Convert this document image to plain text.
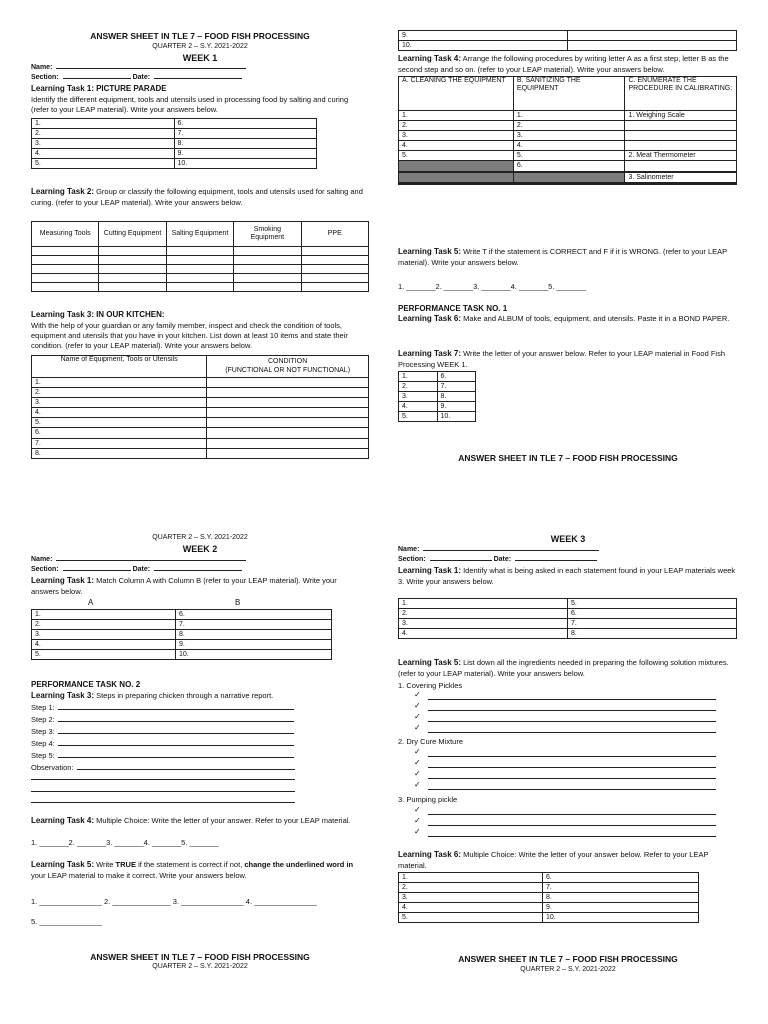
ANSWER SHEET IN TLE 7 – FOOD FISH PROCESSING
QUARTER 2 – S.Y. 2021-2022
WEEK 1
Name:
Section:	Date:
Learning Task 1: PICTURE PARADE
Identify the different equipment, tools and utensils used in processing food by salting and curing (refer to your LEAP material). Write your answers below.
1.	6.
2.	7.
3.	8.
4.	9.
5.	10.
Learning Task 2: Group or classify the following equipment, tools and utensils used for salting and curing. (refer to your LEAP material). Write your answers below.
Measuring Tools	Cutting Equipment	Salting Equipment	Smoking Equipment	PPE

Learning Task 3: IN OUR KITCHEN:
With the help of your guardian or any family member, inspect and check the condition of tools, equipment and utensils that you have in your kitchen. List down at least 10 items and state their condition. (refer to your LEAP material). Write your answers below.
Name of Equipment, Tools or Utensils	CONDITION
(FUNCTIONAL OR NOT FUNCTIONAL)
1.	
2.	
3.	
4.	
5.	
6.	
7.	
8.	
9.	
10.	
Learning Task 4: Arrange the following procedures by writing letter A as a first step, letter B as the second step and so on. (refer to your LEAP material). Write your answers below.
A. CLEANING THE EQUIPMENT	B. SANITIZING THE EQUIPMENT	C. ENUMERATE THE PROCEDURE IN CALIBRATING:
1.	1.	1. Weighing Scale
2.	2.	
3.	3.	
4.	4.	
5.	5.	2. Meat Thermometer
	6.	

		3. Salinometer

Learning Task 5: Write T if the statement is CORRECT and F if it is WRONG. (refer to your LEAP material). Write your answers below.
1. _______2. _______3. _______4. _______5. _______
PERFORMANCE TASK NO. 1
Learning Task 6: Make and ALBUM of tools, equipment, and utensils. Paste it in a BOND PAPER.
Learning Task 7: Write the letter of your answer below. Refer to your LEAP material in Food Fish Processing WEEK 1.
1.	6.
2.	7.
3.	8.
4.	9.
5.	10.
ANSWER SHEET IN TLE 7 – FOOD FISH PROCESSING
QUARTER 2 – S.Y. 2021-2022
WEEK 2
Name:
Section:	Date:
Learning Task 1: Match Column A with Column B (refer to your LEAP material). Write your answers below.
A	B
1.	6.
2.	7.
3.	8.
4.	9.
5.	10.
PERFORMANCE TASK NO. 2
Learning Task 3: Steps in preparing chicken through a narrative report.
Step 1:
Step 2:
Step 3:
Step 4:
Step 5:
Observation:
Learning Task 4: Multiple Choice: Write the letter of your answer. Refer to your LEAP material.
1. _______2. _______3. _______4. _______5. _______
Learning Task 5: Write TRUE if the statement is correct if not, change the underlined word in your LEAP material to make it correct. Write your answers below.
1. _______________ 2. ______________ 3. _______________ 4. _______________
5. _______________
ANSWER SHEET IN TLE 7 – FOOD FISH PROCESSING
QUARTER 2 – S.Y. 2021-2022
WEEK 3
Name:
Section:	Date:
Learning Task 1: Identify what is being asked in each statement found in your LEAP materials week 3. Write your answers below.
1.	5.
2.	6.
3.	7.
4.	8.
Learning Task 5: List down all the ingredients needed in preparing the following solution mixtures. (refer to your LEAP material). Write your answers below.
1. Covering Pickles
✓
✓
✓
✓
2. Dry Cure Mixture
✓
✓
✓
✓
3. Pumping pickle
✓
✓
✓
Learning Task 6: Multiple Choice: Write the letter of your answer below. Refer to your LEAP material.
1.	6.
2.	7.
3.	8.
4.	9.
5.	10.
ANSWER SHEET IN TLE 7 – FOOD FISH PROCESSING
QUARTER 2 – S.Y. 2021-2022
